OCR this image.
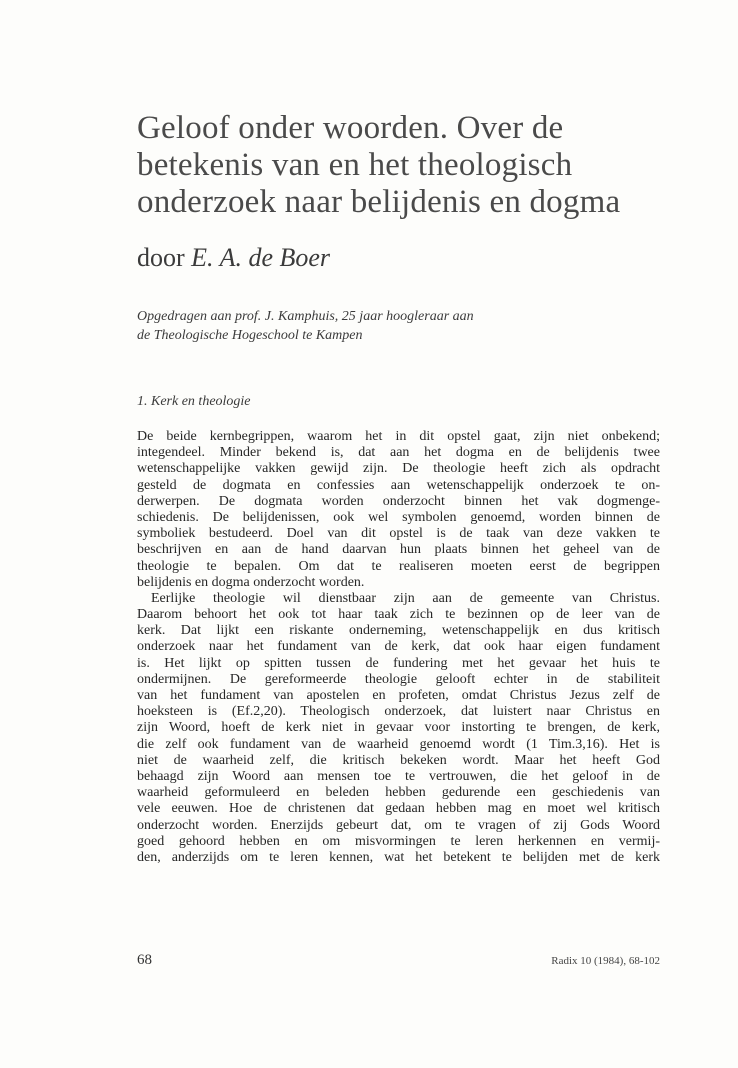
Geloof onder woorden. Over de
betekenis van en het theologisch
onderzoek naar belijdenis en dogma
door E. A. de Boer
Opgedragen aan prof. J. Kamphuis, 25 jaar hoogleraar aan
de Theologische Hogeschool te Kampen
1. Kerk en theologie
De beide kernbegrippen, waarom het in dit opstel gaat, zijn niet onbekend;
integendeel. Minder bekend is, dat aan het dogma en de belijdenis twee
wetenschappelijke vakken gewijd zijn. De theologie heeft zich als opdracht
gesteld de dogmata en confessies aan wetenschappelijk onderzoek te on-
derwerpen. De dogmata worden onderzocht binnen het vak dogmenge-
schiedenis. De belijdenissen, ook wel symbolen genoemd, worden binnen de
symboliek bestudeerd. Doel van dit opstel is de taak van deze vakken te
beschrijven en aan de hand daarvan hun plaats binnen het geheel van de
theologie te bepalen. Om dat te realiseren moeten eerst de begrippen
belijdenis en dogma onderzocht worden.
Eerlijke theologie wil dienstbaar zijn aan de gemeente van Christus.
Daarom behoort het ook tot haar taak zich te bezinnen op de leer van de
kerk. Dat lijkt een riskante onderneming, wetenschappelijk en dus kritisch
onderzoek naar het fundament van de kerk, dat ook haar eigen fundament
is. Het lijkt op spitten tussen de fundering met het gevaar het huis te
ondermijnen. De gereformeerde theologie gelooft echter in de stabiliteit
van het fundament van apostelen en profeten, omdat Christus Jezus zelf de
hoeksteen is (Ef.2,20). Theologisch onderzoek, dat luistert naar Christus en
zijn Woord, hoeft de kerk niet in gevaar voor instorting te brengen, de kerk,
die zelf ook fundament van de waarheid genoemd wordt (1 Tim.3,16). Het is
niet de waarheid zelf, die kritisch bekeken wordt. Maar het heeft God
behaagd zijn Woord aan mensen toe te vertrouwen, die het geloof in de
waarheid geformuleerd en beleden hebben gedurende een geschiedenis van
vele eeuwen. Hoe de christenen dat gedaan hebben mag en moet wel kritisch
onderzocht worden. Enerzijds gebeurt dat, om te vragen of zij Gods Woord
goed gehoord hebben en om misvormingen te leren herkennen en vermij-
den, anderzijds om te leren kennen, wat het betekent te belijden met de kerk
68	Radix 10 (1984), 68-102
